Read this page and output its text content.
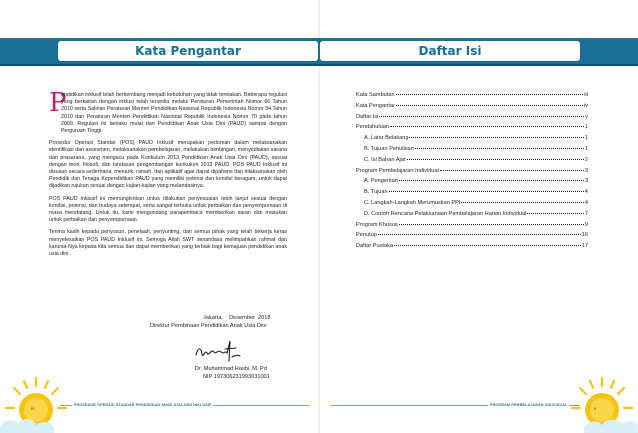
Kata Pengantar	Daftar Isi
P

endidikan inklusif telah berkembang menjadi kebutuhan yang tidak terelakan. Beberapa regulasi yang berkaitan dengan inklusi telah tersedia melalui Peraturan Pemerintah Nomor 66 Tahun 2010 serta Salinan Peraturan Menteri Pendidikan Nasional Republik Indonesia Nomor 34 Tahun 2010 dan Peraturan Menteri Pendidikan Nasional Republik Indonesia Nomor 70 pada tahun 2009. Regulasi ini berlaku mulai dari Pendidikan Anak Usia Dini (PAUD) sampai dengan Perguruan Tinggi.

Prosedur Operasi Standar (POS) PAUD Inklusif merupakan pedoman dalam melaksanakan identifikasi dan assesmen, melaksanakan pembelajaran, melakukan bimbingan, menyediakan sarana dan prasarana, yang mengacu pada Kurikulum 2013 Pendidikan Anak Usia Dini (PAUD), sesuai dengan teori, filosofi, dan landasan pengembangan kurikulum 2013 PAUD. POS PAUD Inklusif ini disusun secara sederhana, menarik, ramah, dan aplikatif agar dapat dipahami dan dilaksanakan oleh Pendidik dan Tenaga Kependidikan PAUD yang memiliki potensi dan kondisi beragam, untuk dapat dijadikan rujukan sesuai dengan kajian-kajian yang melandasinya.

POS PAUD Inklusif ini memungkinkan untuk dilakukan penyesuaian lebih lanjut sesuai dengan kondisi, potensi, dan budaya setempat, serta sangat terbuka untuk perbaikan dan penyempurnaan di masa mendatang. Untuk itu, kami mengundang parapembaca memberikan saran dan masukan untuk perbaikan dan penyempurnaan.

Terima kasih kepada penyusun, penelaah, penyunting, dan semua pihak yang telah bekerja keras menyelesaikan POS PAUD Inklusif ini. Semoga Allah SWT senantiasa melimpahkan rahmat dan karunia-Nya kepada kita semua dan dapat memberikan yang terbaik bagi kemajuan pendidikan anak usia dini.

Jakarta,    Desember  2018
Direktur Pembinaan Pendidikan Anak Usia Dini
Dr. Muhammad Hasbi, M. Pd
NIP 197306231993031001
Kata Sambutan	iii
Kata Pengantar	iv
Daftar Isi	v
Pendahuluan	1
A. Latar Belakang	1
B. Tujuan Penulisan	1
C. Isi Bahan Ajar	2
Program Pembelajaran Individual	3
A. Pengertian	3
B. Tujuan	4
C. Langkah-Langkah Merumuskan PPI	4
D. Contoh Rencana Pelaksanaan Pembelajaran Harian Individual	7
Program Khusus	9
Penutup	16
Daftar Pustaka	17
PROSEDUR OPERASI STANDAR PENDIDIKAN ANAK USIA DINI INKLUSIF	PROGRAM PEMBELAJARAN INDIVIDUAL
iv	v
